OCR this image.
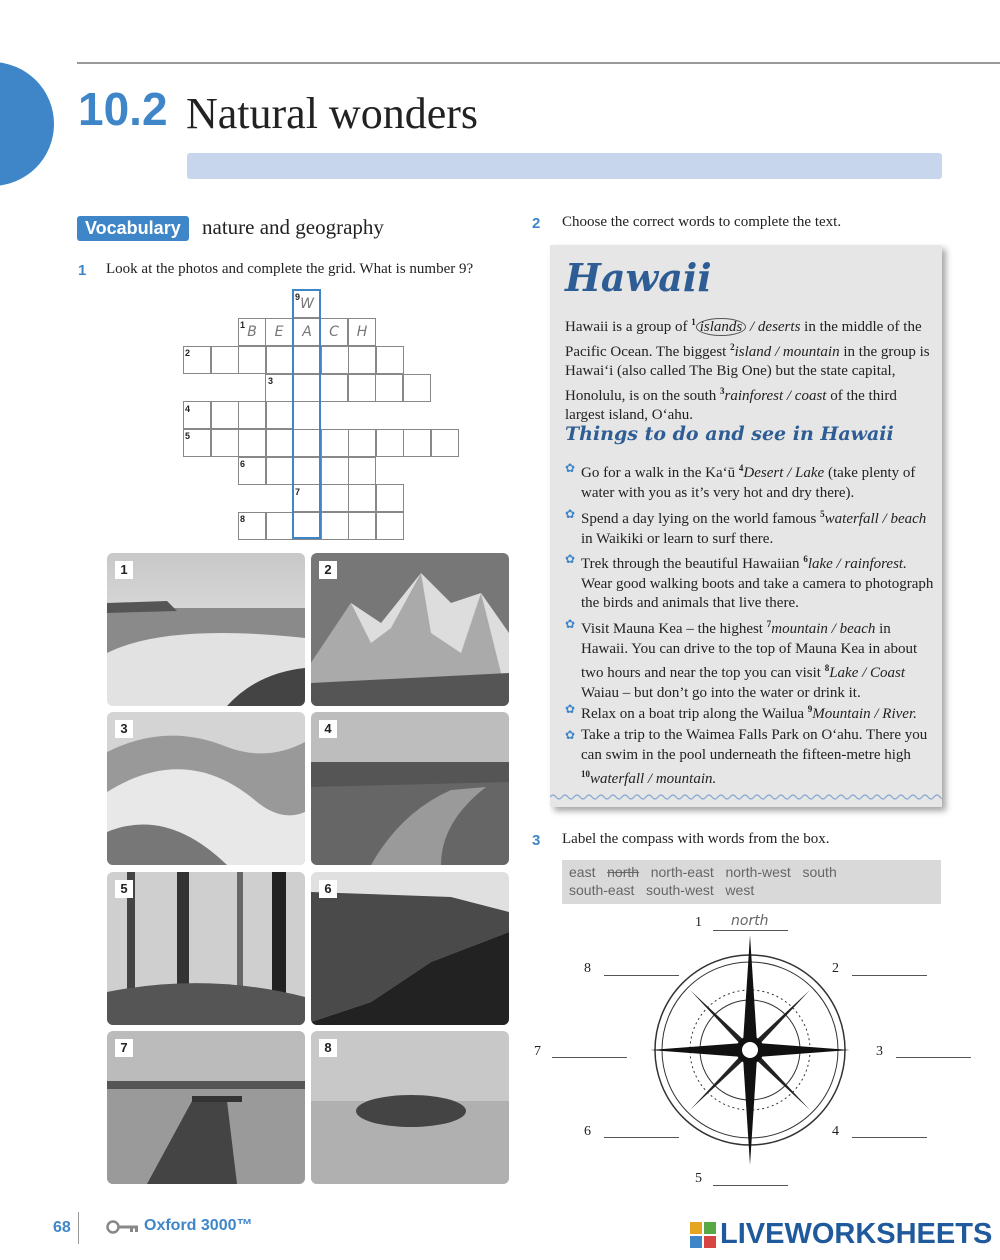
10.2 Natural wonders
Vocabulary	nature and geography
1 Look at the photos and complete the grid. What is number 9?
W
B	E	A	C	H
9
1
2
3
4
5
6
7
8
1	2
3	4
5	6
7	8
2 Choose the correct words to complete the text.
Hawaii
Hawaii is a group of $^1$ islands / deserts in the middle of the Pacific Ocean. The biggest $^2$island / mountain in the group is Hawai‘i (also called The Big One) but the state capital, Honolulu, is on the south $^3$rainforest / coast of the third largest island, O‘ahu.
Things to do and see in Hawaii
✿ Go for a walk in the Ka‘ū $^4$Desert / Lake (take plenty of water with you as it’s very hot and dry there).
✿ Spend a day lying on the world famous $^5$waterfall / beach in Waikiki or learn to surf there.
✿ Trek through the beautiful Hawaiian $^6$lake / rainforest. Wear good walking boots and take a camera to photograph the birds and animals that live there.
✿ Visit Mauna Kea – the highest $^7$mountain / beach in Hawaii. You can drive to the top of Mauna Kea in about two hours and near the top you can visit $^8$Lake / Coast Waiau – but don’t go into the water or drink it.
✿ Relax on a boat trip along the Wailua $^9$Mountain / River.
✿ Take a trip to the Waimea Falls Park on O‘ahu. There you can swim in the pool underneath the fifteen-metre high $^{10}$waterfall / mountain.
3 Label the compass with words from the box.
east north north-east north-west south
south-east south-west west
1 north
2
3
4
5
6
7
8
68	Oxford 3000™	LIVEWORKSHEETS
